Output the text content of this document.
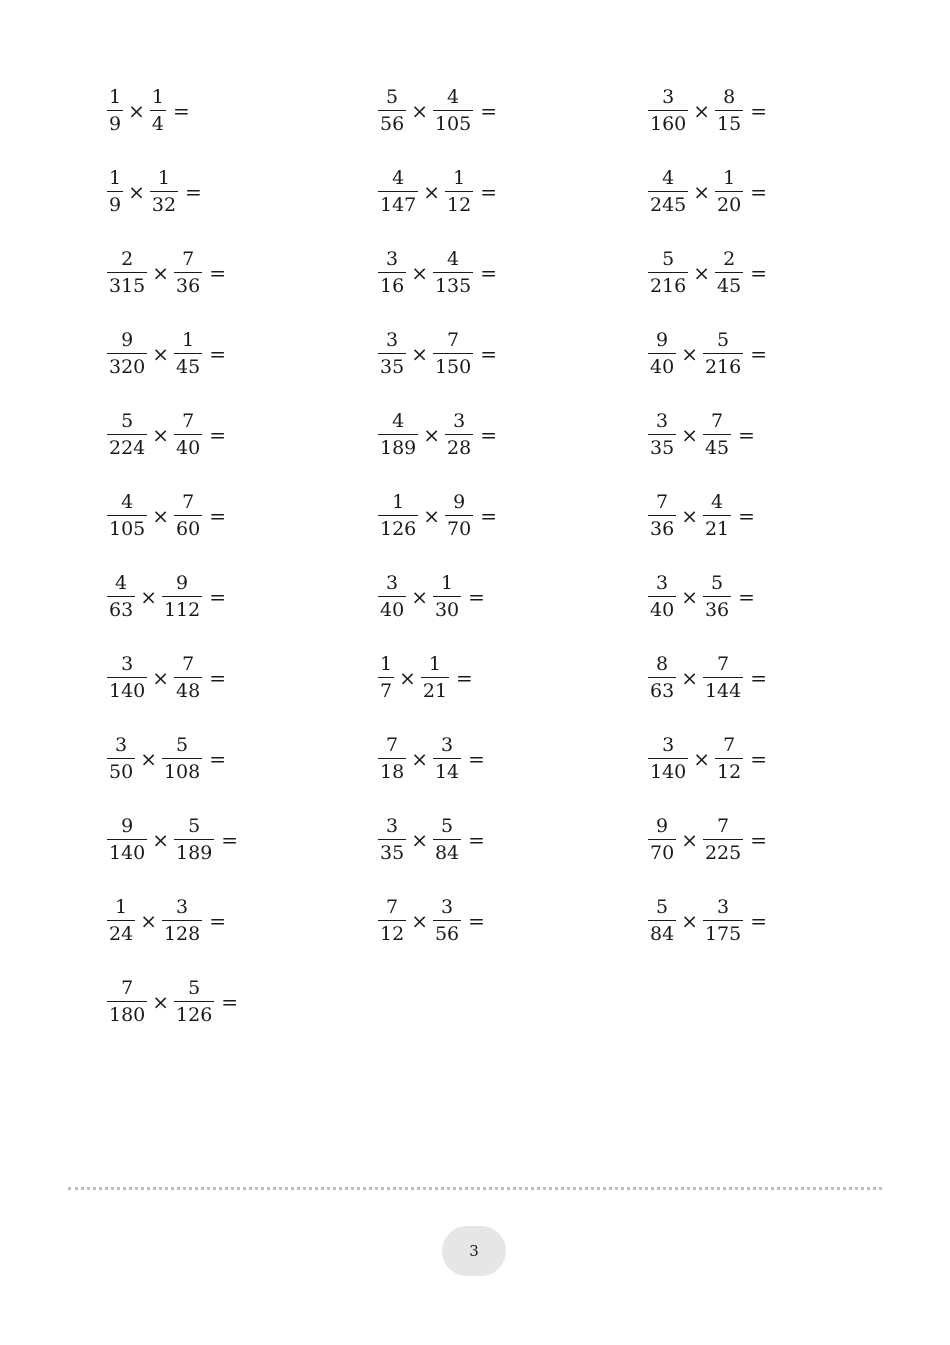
$\frac{1}{9} \times \frac{1}{4}$ =	$\frac{5}{56} \times \frac{4}{105}$ =	$\frac{3}{160} \times \frac{8}{15}$ =
$\frac{1}{9} \times \frac{1}{32}$ =	$\frac{4}{147} \times \frac{1}{12}$ =	$\frac{4}{245} \times \frac{1}{20}$ =
$\frac{2}{315} \times \frac{7}{36}$ =	$\frac{3}{16} \times \frac{4}{135}$ =	$\frac{5}{216} \times \frac{2}{45}$ =
$\frac{9}{320} \times \frac{1}{45}$ =	$\frac{3}{35} \times \frac{7}{150}$ =	$\frac{9}{40} \times \frac{5}{216}$ =
$\frac{5}{224} \times \frac{7}{40}$ =	$\frac{4}{189} \times \frac{3}{28}$ =	$\frac{3}{35} \times \frac{7}{45}$ =
$\frac{4}{105} \times \frac{7}{60}$ =	$\frac{1}{126} \times \frac{9}{70}$ =	$\frac{7}{36} \times \frac{4}{21}$ =
$\frac{4}{63} \times \frac{9}{112}$ =	$\frac{3}{40} \times \frac{1}{30}$ =	$\frac{3}{40} \times \frac{5}{36}$ =
$\frac{3}{140} \times \frac{7}{48}$ =	$\frac{1}{7} \times \frac{1}{21}$ =	$\frac{8}{63} \times \frac{7}{144}$ =
$\frac{3}{50} \times \frac{5}{108}$ =	$\frac{7}{18} \times \frac{3}{14}$ =	$\frac{3}{140} \times \frac{7}{12}$ =
$\frac{9}{140} \times \frac{5}{189}$ =	$\frac{3}{35} \times \frac{5}{84}$ =	$\frac{9}{70} \times \frac{7}{225}$ =
$\frac{1}{24} \times \frac{3}{128}$ =	$\frac{7}{12} \times \frac{3}{56}$ =	$\frac{5}{84} \times \frac{3}{175}$ =
$\frac{7}{180} \times \frac{5}{126}$ =
3
